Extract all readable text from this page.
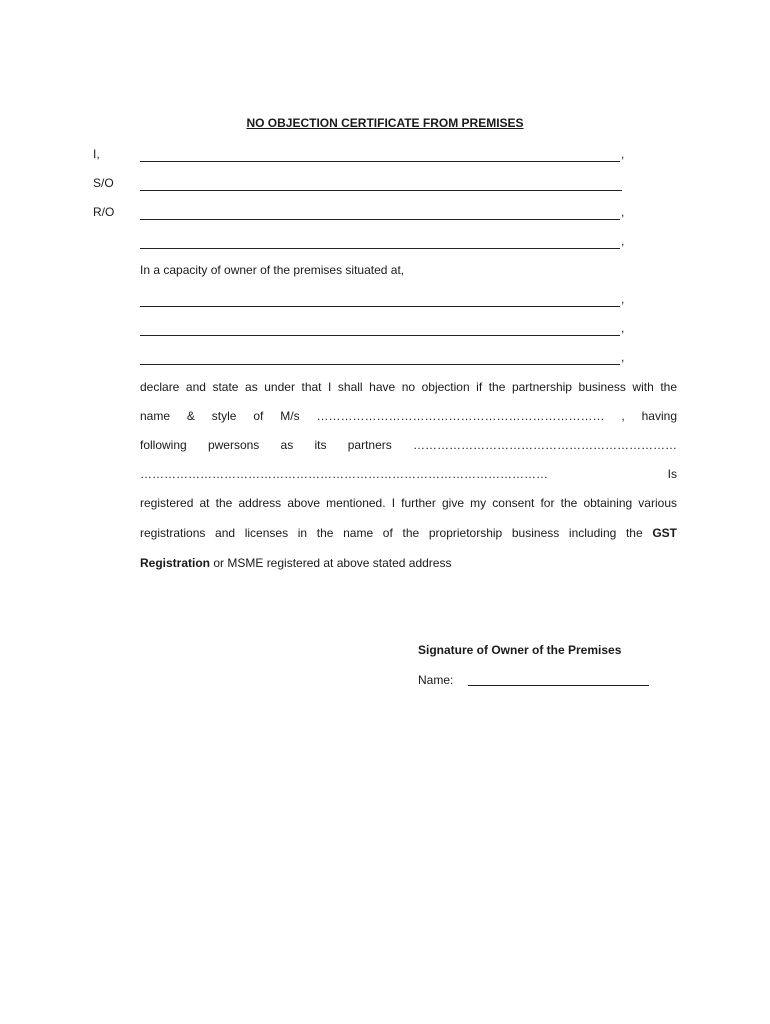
NO OBJECTION CERTIFICATE FROM PREMISES
I,	,
S/O
R/O	,
,
In a capacity of owner of the premises situated at,
,
,
,
declare and state as under that I shall have no objection if the partnership business with the
name & style of M/s ……………………………………………………………… , having
following pwersons as its partners …………………………………………………………
………………………………………………………………………………………… Is
registered at the address above mentioned. I further give my consent for the obtaining various
registrations and licenses in the name of the proprietorship business including the GST
Registration or MSME registered at above stated address
Signature of Owner of the Premises
Name:
